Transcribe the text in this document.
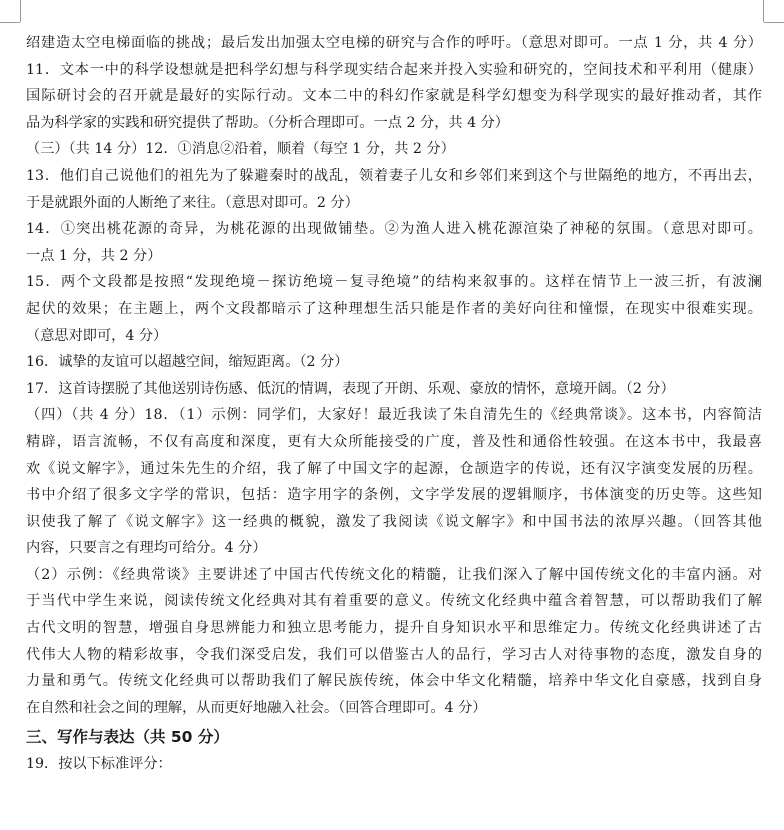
绍建造太空电梯面临的挑战；最后发出加强太空电梯的研究与合作的呼吁。（意思对即可。一点 1 分，共 4 分）
11．文本一中的科学设想就是把科学幻想与科学现实结合起来并投入实验和研究的，空间技术和平利用（健康）
国际研讨会的召开就是最好的实际行动。文本二中的科幻作家就是科学幻想变为科学现实的最好推动者，其作
品为科学家的实践和研究提供了帮助。（分析合理即可。一点 2 分，共 4 分）
（三）（共 14 分）12．①消息②沿着，顺着（每空 1 分，共 2 分）
13．他们自己说他们的祖先为了躲避秦时的战乱，领着妻子儿女和乡邻们来到这个与世隔绝的地方，不再出去，
于是就跟外面的人断绝了来往。（意思对即可。2 分）
14．①突出桃花源的奇异，为桃花源的出现做铺垫。②为渔人进入桃花源渲染了神秘的氛围。（意思对即可。
一点 1 分，共 2 分）
15．两个文段都是按照“发现绝境－探访绝境－复寻绝境”的结构来叙事的。这样在情节上一波三折，有波澜
起伏的效果；在主题上，两个文段都暗示了这种理想生活只能是作者的美好向往和憧憬，在现实中很难实现。
（意思对即可，4 分）
16．诚挚的友谊可以超越空间，缩短距离。（2 分）
17．这首诗摆脱了其他送别诗伤感、低沉的情调，表现了开朗、乐观、豪放的情怀，意境开阔。（2 分）
（四）（共 4 分）18．（1）示例：同学们，大家好！最近我读了朱自清先生的《经典常谈》。这本书，内容简洁
精辟，语言流畅，不仅有高度和深度，更有大众所能接受的广度，普及性和通俗性较强。在这本书中，我最喜
欢《说文解字》，通过朱先生的介绍，我了解了中国文字的起源，仓颉造字的传说，还有汉字演变发展的历程。
书中介绍了很多文字学的常识，包括：造字用字的条例，文字学发展的逻辑顺序，书体演变的历史等。这些知
识使我了解了《说文解字》这一经典的概貌，激发了我阅读《说文解字》和中国书法的浓厚兴趣。（回答其他
内容，只要言之有理均可给分。4 分）
（2）示例：《经典常谈》主要讲述了中国古代传统文化的精髓，让我们深入了解中国传统文化的丰富内涵。对
于当代中学生来说，阅读传统文化经典对其有着重要的意义。传统文化经典中蕴含着智慧，可以帮助我们了解
古代文明的智慧，增强自身思辨能力和独立思考能力，提升自身知识水平和思维定力。传统文化经典讲述了古
代伟大人物的精彩故事，令我们深受启发，我们可以借鉴古人的品行，学习古人对待事物的态度，激发自身的
力量和勇气。传统文化经典可以帮助我们了解民族传统，体会中华文化精髓，培养中华文化自豪感，找到自身
在自然和社会之间的理解，从而更好地融入社会。（回答合理即可。4 分）
三、写作与表达（共 50 分）
19．按以下标准评分：
